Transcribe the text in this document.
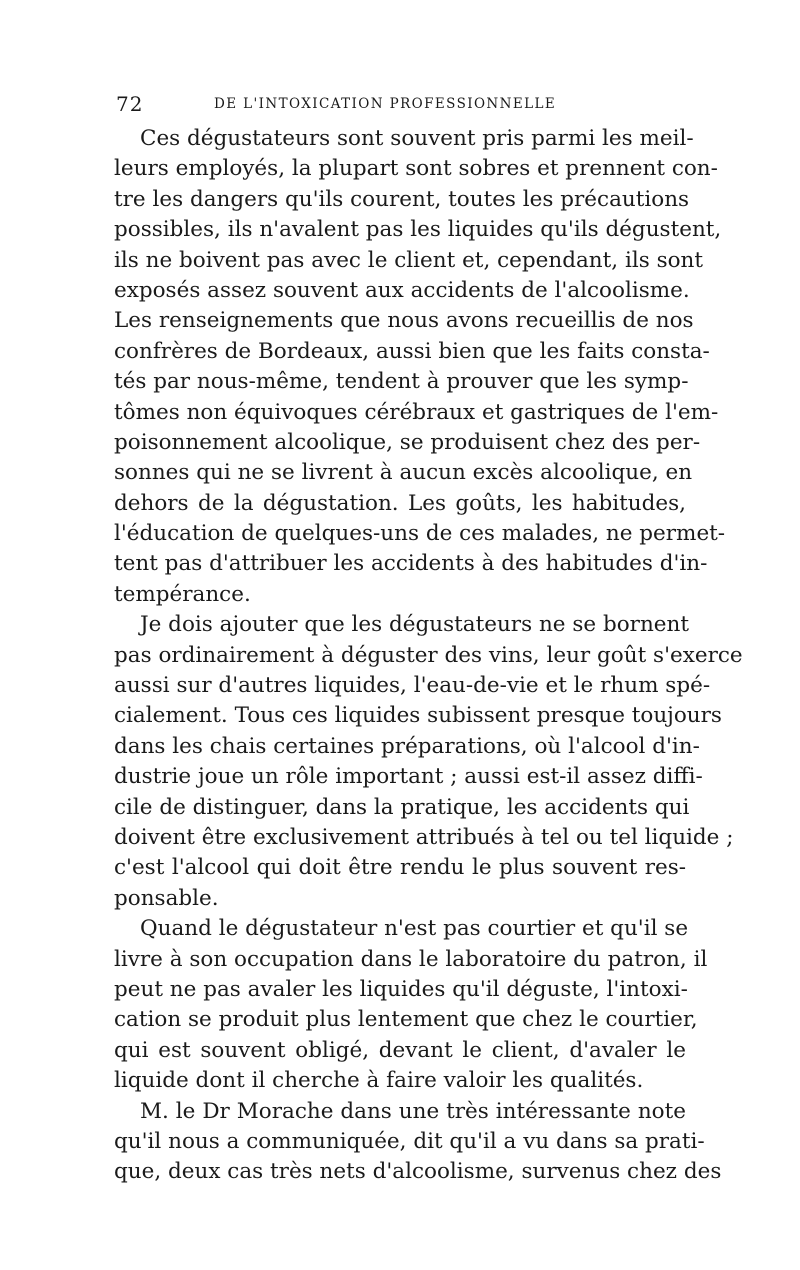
72	DE L'INTOXICATION PROFESSIONNELLE
Ces dégustateurs sont souvent pris parmi les meil-
leurs employés, la plupart sont sobres et prennent con-
tre les dangers qu'ils courent, toutes les précautions
possibles, ils n'avalent pas les liquides qu'ils dégustent,
ils ne boivent pas avec le client et, cependant, ils sont
exposés assez souvent aux accidents de l'alcoolisme.
Les renseignements que nous avons recueillis de nos
confrères de Bordeaux, aussi bien que les faits consta-
tés par nous-même, tendent à prouver que les symp-
tômes non équivoques cérébraux et gastriques de l'em-
poisonnement alcoolique, se produisent chez des per-
sonnes qui ne se livrent à aucun excès alcoolique, en
dehors de la dégustation. Les goûts, les habitudes,
l'éducation de quelques-uns de ces malades, ne permet-
tent pas d'attribuer les accidents à des habitudes d'in-
tempérance.
Je dois ajouter que les dégustateurs ne se bornent
pas ordinairement à déguster des vins, leur goût s'exerce
aussi sur d'autres liquides, l'eau-de-vie et le rhum spé-
cialement. Tous ces liquides subissent presque toujours
dans les chais certaines préparations, où l'alcool d'in-
dustrie joue un rôle important ; aussi est-il assez diffi-
cile de distinguer, dans la pratique, les accidents qui
doivent être exclusivement attribués à tel ou tel liquide ;
c'est l'alcool qui doit être rendu le plus souvent res-
ponsable.
Quand le dégustateur n'est pas courtier et qu'il se
livre à son occupation dans le laboratoire du patron, il
peut ne pas avaler les liquides qu'il déguste, l'intoxi-
cation se produit plus lentement que chez le courtier,
qui est souvent obligé, devant le client, d'avaler le
liquide dont il cherche à faire valoir les qualités.
M. le Dr Morache dans une très intéressante note
qu'il nous a communiquée, dit qu'il a vu dans sa prati-
que, deux cas très nets d'alcoolisme, survenus chez des
